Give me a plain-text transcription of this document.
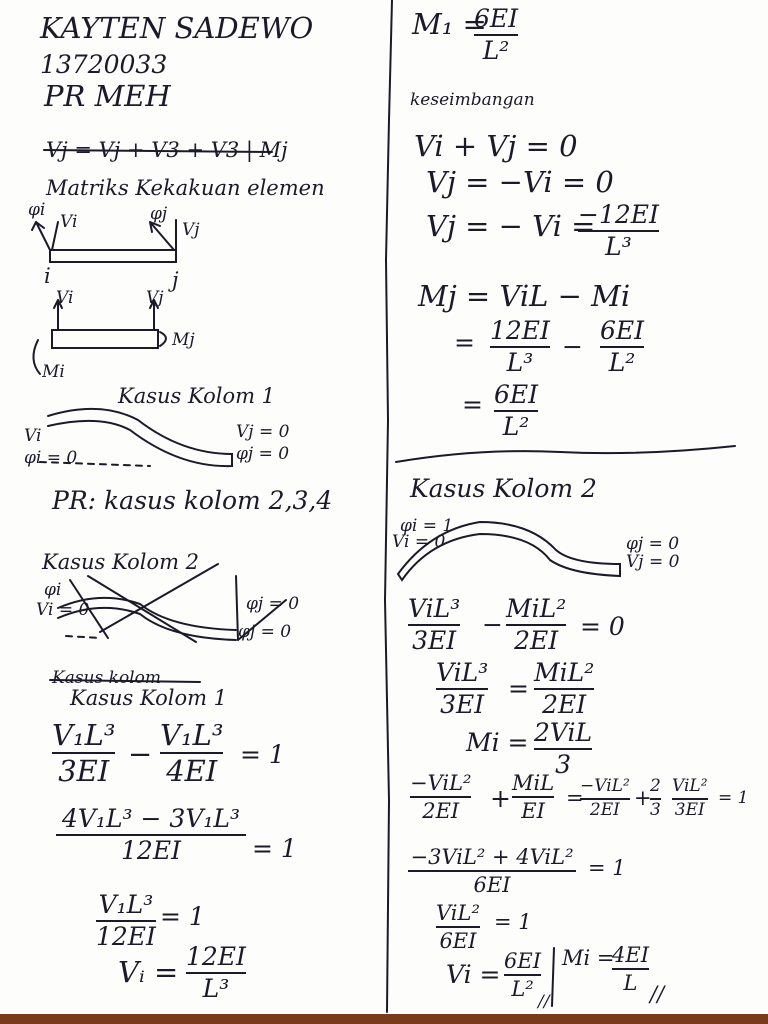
KAYTEN SADEWO
13720033
PR MEH
Vj = Vj + V3 + V3 | Mj
Matriks Kekakuan elemen
φi
Vi	φj
Vj
i	j
Vi	Vj
Mj
Mi
Kasus Kolom 1
Vi
φi = 0
Vj = 0
φj = 0
PR: kasus kolom 2,3,4
Kasus Kolom 2
φi
Vi = 0	φj = 0
φj = 0
Kasus kolom
Kasus Kolom 1
V₁L³
3EI
−
V₁L³
4EI = 1
4V₁L³ − 3V₁L³
12EI	= 1
V₁L³
12EI
= 1
Vᵢ = 12EI
L³
M₁ =
6EI
L²
keseimbangan
Vi + Vj = 0
Vj = −Vi = 0
Vj = − Vi =
−12EI
L³
Mj = ViL − Mi
= 12EI
L³
−
6EI
L²
= 6EI
L²
Kasus Kolom 2
φi = 1
Vi = 0	φj = 0
Vj = 0
ViL³
3EI
−
MiL²
2EI = 0
ViL³
3EI
=
MiL²
2EI
Mi = 2ViL
3
−ViL²
2EI +
MiL
EI
=
−ViL²
2EI +
2
3
ViL²
3EI
= 1
−3ViL² + 4ViL²
6EI
= 1
ViL²
6EI
= 1
Vi = 6EI
L²
//
Mi =
4EI
L //
